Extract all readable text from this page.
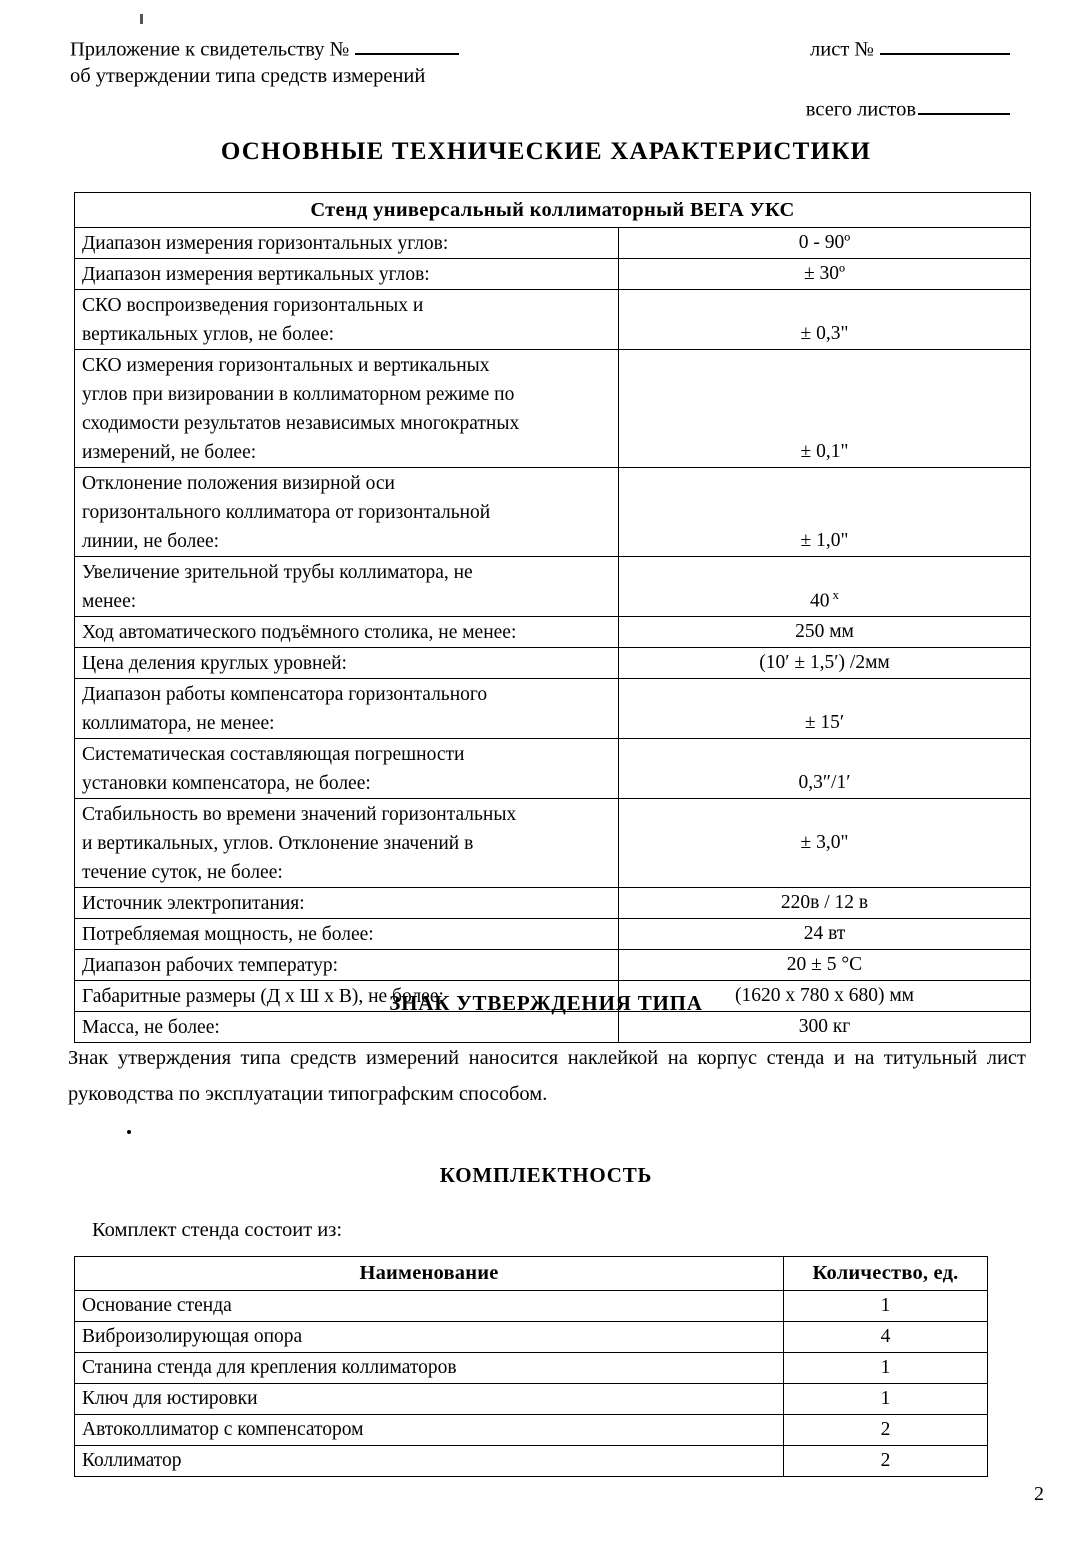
Приложение к свидетельству №
об утверждении типа средств измерений
лист №
всего листов
ОСНОВНЫЕ ТЕХНИЧЕСКИЕ ХАРАКТЕРИСТИКИ
Стенд универсальный коллиматорный ВЕГА УКС	
Диапазон измерения горизонтальных углов:	0 - 90º
Диапазон измерения вертикальных углов:	± 30º
СКО воспроизведения горизонтальных и
вертикальных углов, не более:	± 0,3"
СКО измерения горизонтальных и вертикальных
углов при визировании в коллиматорном режиме по
сходимости результатов независимых многократных
измерений, не более:	± 0,1"
Отклонение положения визирной оси
горизонтального коллиматора от горизонтальной
линии, не более:	± 1,0"
Увеличение зрительной трубы коллиматора, не
менее:	40 $^х$
Ход автоматического подъёмного столика, не менее:	250 мм
Цена деления круглых уровней:	(10′ ± 1,5′) /2мм
Диапазон работы компенсатора горизонтального
коллиматора, не менее:	± 15′
Систематическая составляющая погрешности
установки компенсатора, не более:	0,3″/1′
Стабильность во времени значений горизонтальных
и вертикальных, углов. Отклонение значений в
течение суток, не более:	± 3,0"
Источник электропитания:	220в / 12 в
Потребляемая мощность, не более:	24 вт
Диапазон рабочих температур:	20 ± 5 °C
Габаритные размеры (Д х Ш х В), не более:	(1620 х 780 х 680) мм
Масса, не более:	300 кг
ЗНАК УТВЕРЖДЕНИЯ ТИПА
Знак утверждения типа средств измерений наносится наклейкой на корпус стенда и на титульный лист руководства по эксплуатации типографским способом.
КОМПЛЕКТНОСТЬ
Комплект стенда состоит из:
Наименование	Количество, ед.
Основание стенда	1
Виброизолирующая опора	4
Станина стенда для крепления коллиматоров	1
Ключ для юстировки	1
Автоколлиматор с компенсатором	2
Коллиматор	2
2
